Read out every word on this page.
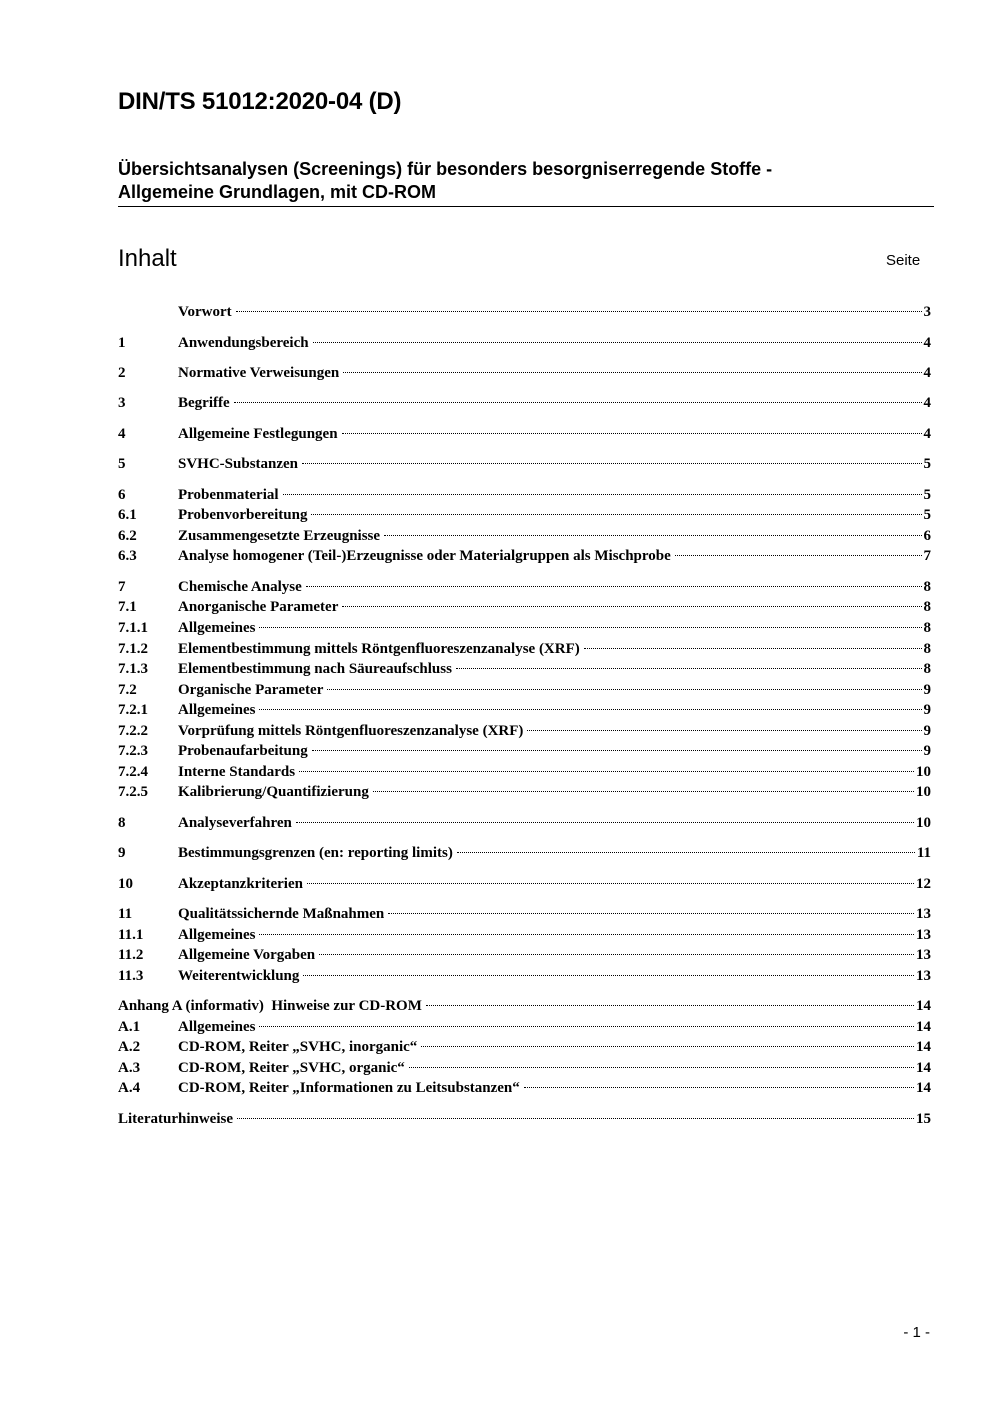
DIN/TS 51012:2020-04 (D)
Übersichtsanalysen (Screenings) für besonders besorgniserregende Stoffe -
Allgemeine Grundlagen, mit CD-ROM
Inhalt	Seite
Vorwort	3
1	Anwendungsbereich	4
2	Normative Verweisungen	4
3	Begriffe	4
4	Allgemeine Festlegungen	4
5	SVHC-Substanzen	5
6	Probenmaterial	5
6.1	Probenvorbereitung	5
6.2	Zusammengesetzte Erzeugnisse	6
6.3	Analyse homogener (Teil-)Erzeugnisse oder Materialgruppen als Mischprobe	7
7	Chemische Analyse	8
7.1	Anorganische Parameter	8
7.1.1	Allgemeines	8
7.1.2	Elementbestimmung mittels Röntgenfluoreszenzanalyse (XRF)	8
7.1.3	Elementbestimmung nach Säureaufschluss	8
7.2	Organische Parameter	9
7.2.1	Allgemeines	9
7.2.2	Vorprüfung mittels Röntgenfluoreszenzanalyse (XRF)	9
7.2.3	Probenaufarbeitung	9
7.2.4	Interne Standards	10
7.2.5	Kalibrierung/Quantifizierung	10
8	Analyseverfahren	10
9	Bestimmungsgrenzen (en: reporting limits)	11
10	Akzeptanzkriterien	12
11	Qualitätssichernde Maßnahmen	13
11.1	Allgemeines	13
11.2	Allgemeine Vorgaben	13
11.3	Weiterentwicklung	13
Anhang A (informativ)  Hinweise zur CD-ROM	14
A.1	Allgemeines	14
A.2	CD-ROM, Reiter „SVHC, inorganic“	14
A.3	CD-ROM, Reiter „SVHC, organic“	14
A.4	CD-ROM, Reiter „Informationen zu Leitsubstanzen“	14
Literaturhinweise	15
- 1 -
